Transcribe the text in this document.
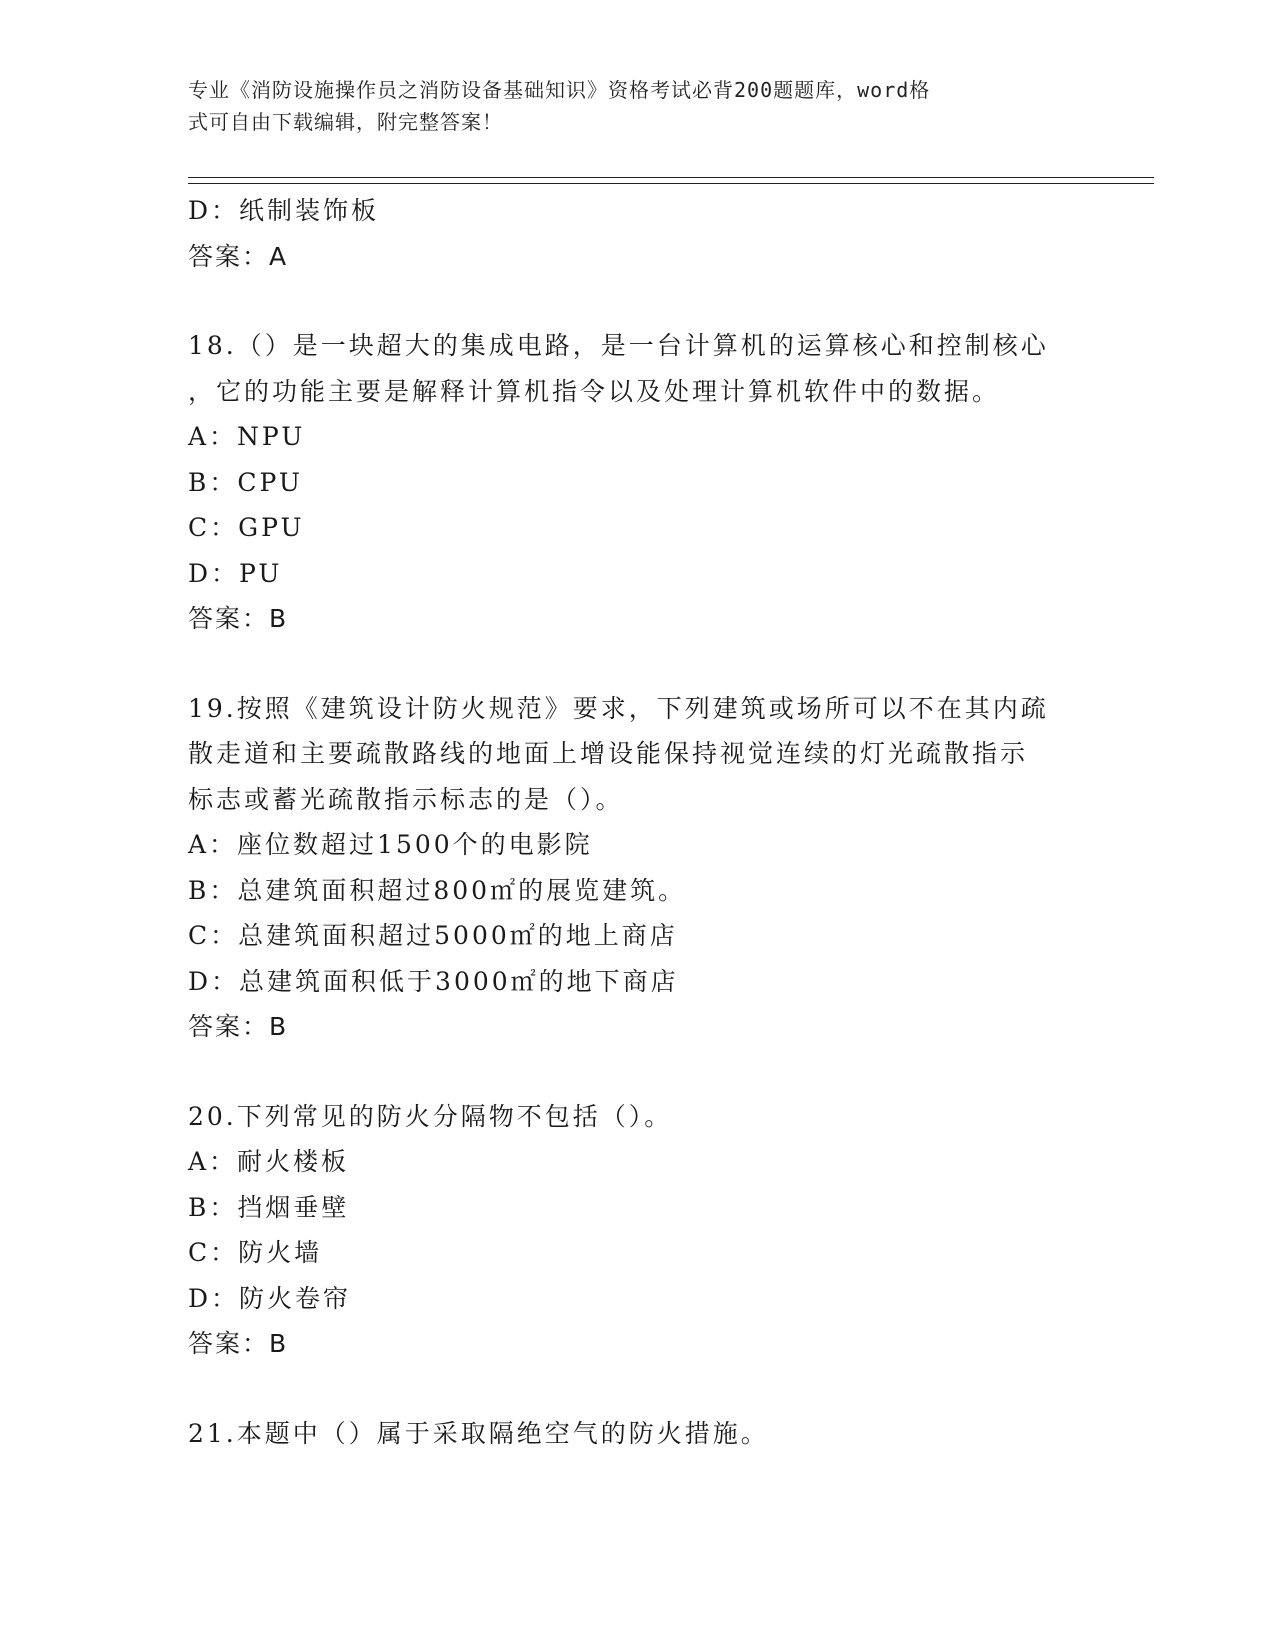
专业《消防设施操作员之消防设备基础知识》资格考试必背200题题库，word格
式可自由下载编辑，附完整答案！
D：纸制装饰板
答案：A
18.（）是一块超大的集成电路，是一台计算机的运算核心和控制核心
，它的功能主要是解释计算机指令以及处理计算机软件中的数据。
A：NPU
B：CPU
C：GPU
D：PU
答案：B
19.按照《建筑设计防火规范》要求，下列建筑或场所可以不在其内疏
散走道和主要疏散路线的地面上增设能保持视觉连续的灯光疏散指示
标志或蓄光疏散指示标志的是（）。
A：座位数超过1500个的电影院
B：总建筑面积超过800㎡的展览建筑。
C：总建筑面积超过5000㎡的地上商店
D：总建筑面积低于3000㎡的地下商店
答案：B
20.下列常见的防火分隔物不包括（）。
A：耐火楼板
B：挡烟垂壁
C：防火墙
D：防火卷帘
答案：B
21.本题中（）属于采取隔绝空气的防火措施。
